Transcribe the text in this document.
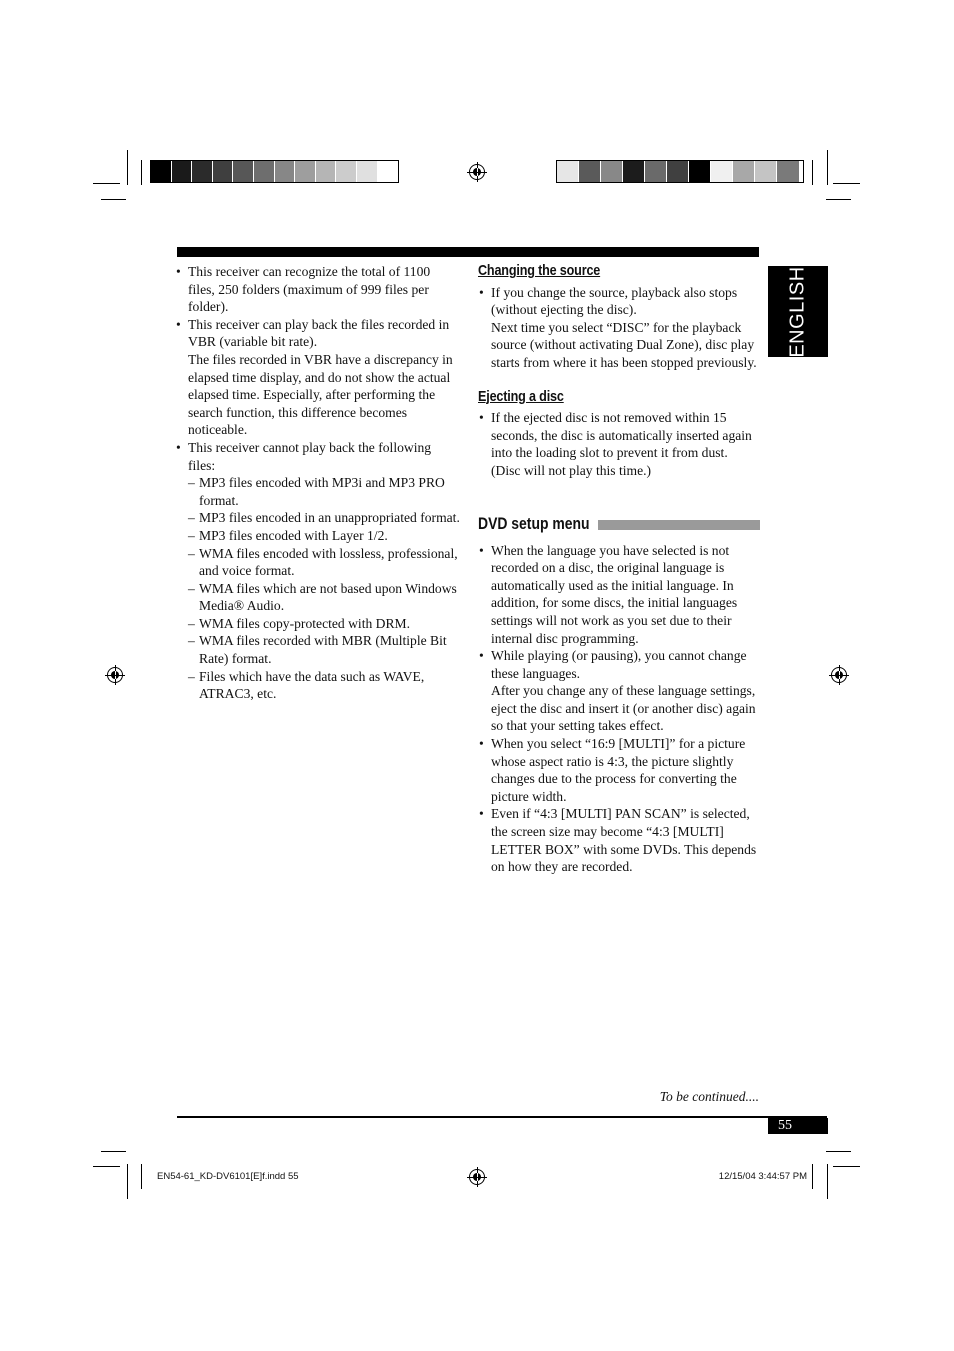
ENGLISH
• This receiver can recognize the total of 1100 files, 250 folders (maximum of 999 files per folder).
• This receiver can play back the files recorded in VBR (variable bit rate).
The files recorded in VBR have a discrepancy in elapsed time display, and do not show the actual elapsed time. Especially, after performing the search function, this difference becomes noticeable.
• This receiver cannot play back the following files:
– MP3 files encoded with MP3i and MP3 PRO format.
– MP3 files encoded in an unappropriated format.
– MP3 files encoded with Layer 1/2.
– WMA files encoded with lossless, professional, and voice format.
– WMA files which are not based upon Windows Media® Audio.
– WMA files copy-protected with DRM.
– WMA files recorded with MBR (Multiple Bit Rate) format.
– Files which have the data such as WAVE, ATRAC3, etc.
Changing the source
• If you change the source, playback also stops (without ejecting the disc).
Next time you select “DISC” for the playback source (without activating Dual Zone), disc play starts from where it has been stopped previously.
Ejecting a disc
• If the ejected disc is not removed within 15 seconds, the disc is automatically inserted again into the loading slot to prevent it from dust. (Disc will not play this time.)
DVD setup menu
• When the language you have selected is not recorded on a disc, the original language is automatically used as the initial language. In addition, for some discs, the initial languages settings will not work as you set due to their internal disc programming.
• While playing (or pausing), you cannot change these languages.
After you change any of these language settings, eject the disc and insert it (or another disc) again so that your setting takes effect.
• When you select “16:9 [MULTI]” for a picture whose aspect ratio is 4:3, the picture slightly changes due to the process for converting the picture width.
• Even if “4:3 [MULTI] PAN SCAN” is selected, the screen size may become “4:3 [MULTI] LETTER BOX” with some DVDs. This depends on how they are recorded.
To be continued....
55
EN54-61_KD-DV6101[E]f.indd 55	12/15/04 3:44:57 PM
